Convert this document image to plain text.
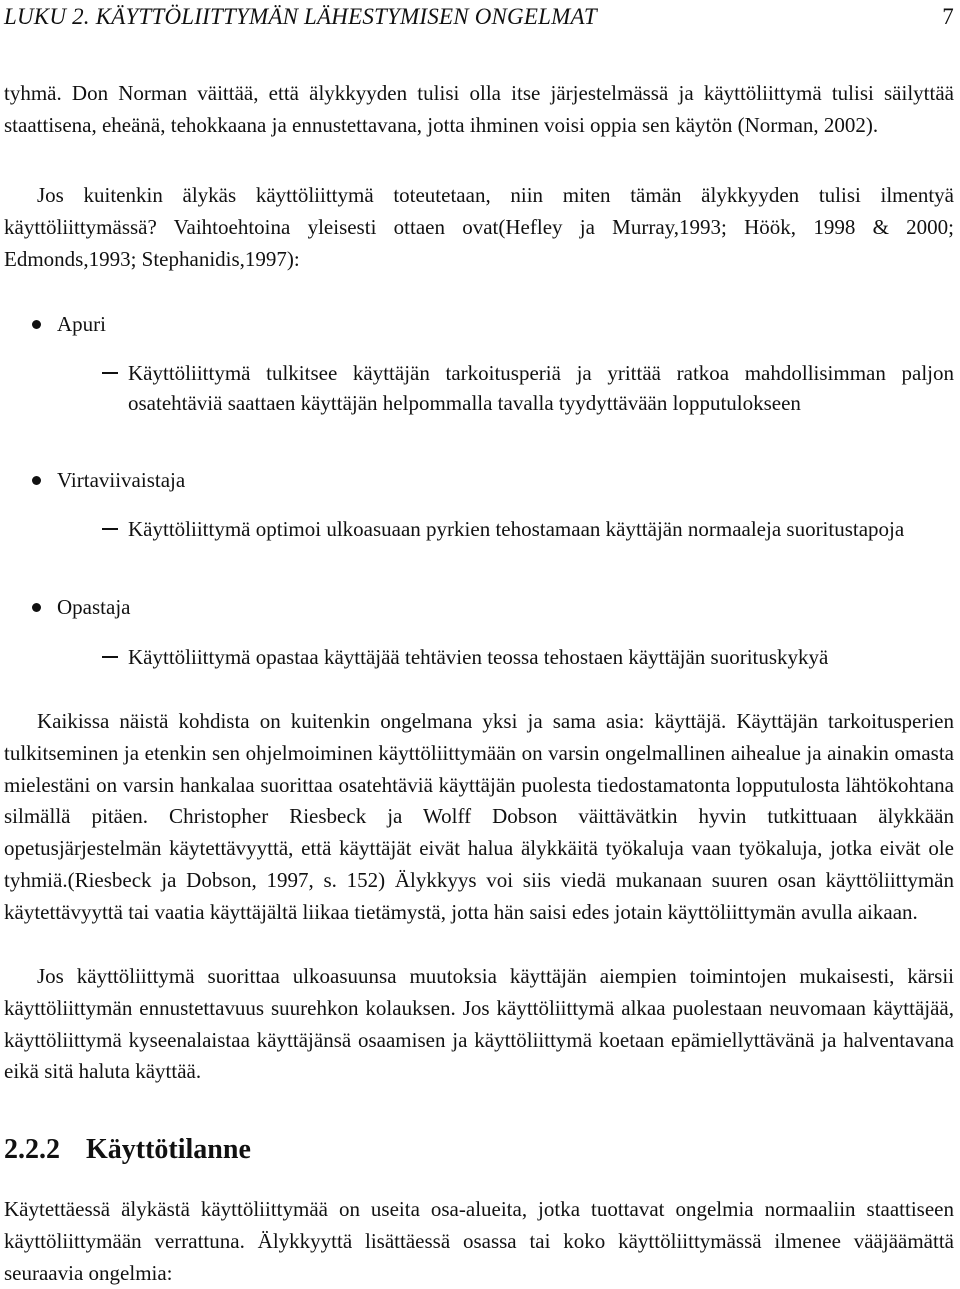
LUKU 2. KÄYTTÖLIITTYMÄN LÄHESTYMISEN ONGELMAT	7

tyhmä. Don Norman väittää, että älykkyyden tulisi olla itse järjestelmässä ja käyttöliittymä tulisi säilyttää staattisena, eheänä, tehokkaana ja ennustettavana, jotta ihminen voisi oppia sen käytön (Norman, 2002).

Jos kuitenkin älykäs käyttöliittymä toteutetaan, niin miten tämän älykkyyden tulisi ilmentyä käyttöliittymässä? Vaihtoehtoina yleisesti ottaen ovat(Hefley ja Murray,1993; Höök, 1998 & 2000; Edmonds,1993; Stephanidis,1997):

Apuri
Käyttöliittymä tulkitsee käyttäjän tarkoitusperiä ja yrittää ratkoa mahdollisimman paljon osatehtäviä saattaen käyttäjän helpommalla tavalla tyydyttävään lopputulokseen
Virtaviivaistaja
Käyttöliittymä optimoi ulkoasuaan pyrkien tehostamaan käyttäjän normaaleja suoritustapoja
Opastaja
Käyttöliittymä opastaa käyttäjää tehtävien teossa tehostaen käyttäjän suorituskykyä

Kaikissa näistä kohdista on kuitenkin ongelmana yksi ja sama asia: käyttäjä. Käyttäjän tarkoitusperien tulkitseminen ja etenkin sen ohjelmoiminen käyttöliittymään on varsin ongelmallinen aihealue ja ainakin omasta mielestäni on varsin hankalaa suorittaa osatehtäviä käyttäjän puolesta tiedostamatonta lopputulosta lähtökohtana silmällä pitäen. Christopher Riesbeck ja Wolff Dobson väittävätkin hyvin tutkittuaan älykkään opetusjärjestelmän käytettävyyttä, että käyttäjät eivät halua älykkäitä työkaluja vaan työkaluja, jotka eivät ole tyhmiä.(Riesbeck ja Dobson, 1997, s. 152) Älykkyys voi siis viedä mukanaan suuren osan käyttöliittymän käytettävyyttä tai vaatia käyttäjältä liikaa tietämystä, jotta hän saisi edes jotain käyttöliittymän avulla aikaan.

Jos käyttöliittymä suorittaa ulkoasuunsa muutoksia käyttäjän aiempien toimintojen mukaisesti, kärsii käyttöliittymän ennustettavuus suurehkon kolauksen. Jos käyttöliittymä alkaa puolestaan neuvomaan käyttäjää, käyttöliittymä kyseenalaistaa käyttäjänsä osaamisen ja käyttöliittymä koetaan epämiellyttävänä ja halventavana eikä sitä haluta käyttää.

2.2.2 Käyttötilanne

Käytettäessä älykästä käyttöliittymää on useita osa-alueita, jotka tuottavat ongelmia normaaliin staattiseen käyttöliittymään verrattuna. Älykkyyttä lisättäessä osassa tai koko käyttöliittymässä ilmenee vääjäämättä seuraavia ongelmia:
